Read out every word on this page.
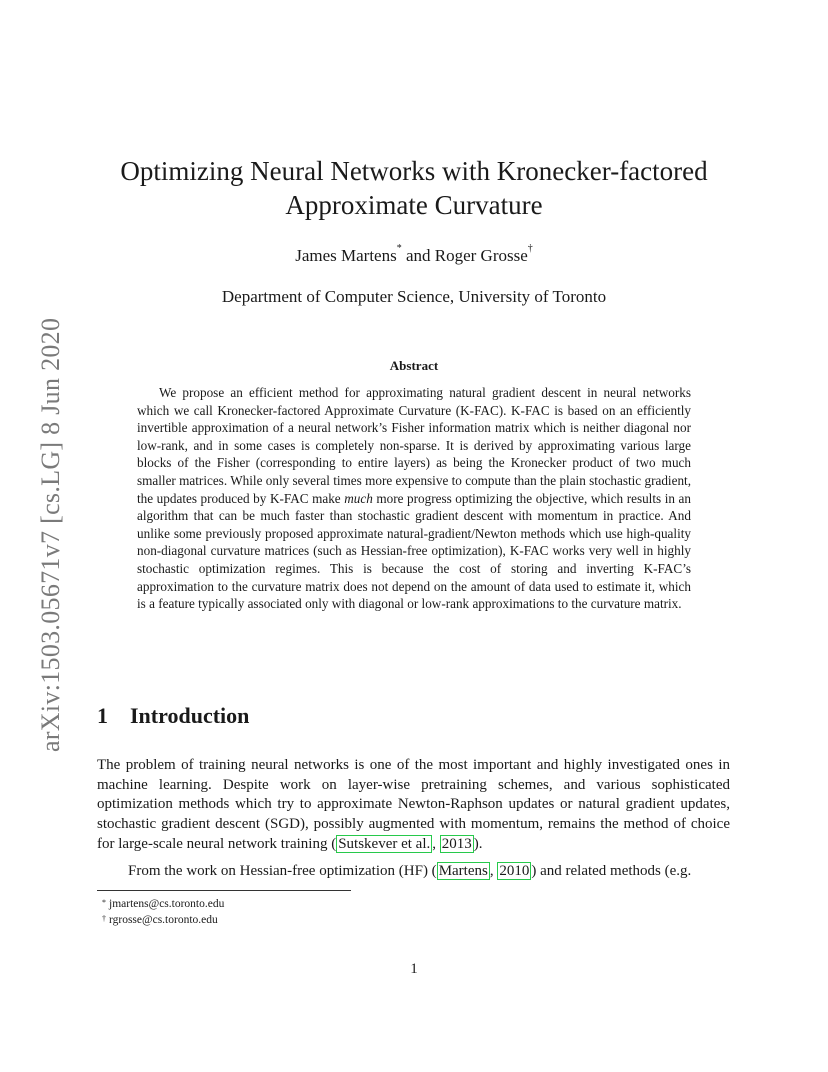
arXiv:1503.05671v7 [cs.LG] 8 Jun 2020
Optimizing Neural Networks with Kronecker-factored
Approximate Curvature
James Martens* and Roger Grosse†
Department of Computer Science, University of Toronto
Abstract

We propose an efficient method for approximating natural gradient descent in neural networks which we call Kronecker-factored Approximate Curvature (K-FAC). K-FAC is based on an efficiently invertible approximation of a neural network’s Fisher information matrix which is neither diagonal nor low-rank, and in some cases is completely non-sparse. It is derived by approximating various large blocks of the Fisher (corresponding to entire layers) as being the Kronecker product of two much smaller matrices. While only several times more expensive to compute than the plain stochastic gradient, the updates produced by K-FAC make much more progress optimizing the objective, which results in an algorithm that can be much faster than stochastic gradient descent with momentum in practice. And unlike some previously proposed approximate natural-gradient/Newton methods which use high-quality non-diagonal curvature matrices (such as Hessian-free optimization), K-FAC works very well in highly stochastic optimization regimes. This is because the cost of storing and inverting K-FAC’s approximation to the curvature matrix does not depend on the amount of data used to estimate it, which is a feature typically associated only with diagonal or low-rank approximations to the curvature matrix.

1 Introduction

The problem of training neural networks is one of the most important and highly investigated ones in machine learning. Despite work on layer-wise pretraining schemes, and various sophisticated optimization methods which try to approximate Newton-Raphson updates or natural gradient updates, stochastic gradient descent (SGD), possibly augmented with momentum, remains the method of choice for large-scale neural network training ( Sutskever et al. , 2013 ).

From the work on Hessian-free optimization (HF) ( Martens , 2010 ) and related methods (e.g.

* jmartens@cs.toronto.edu
† rgrosse@cs.toronto.edu
1
